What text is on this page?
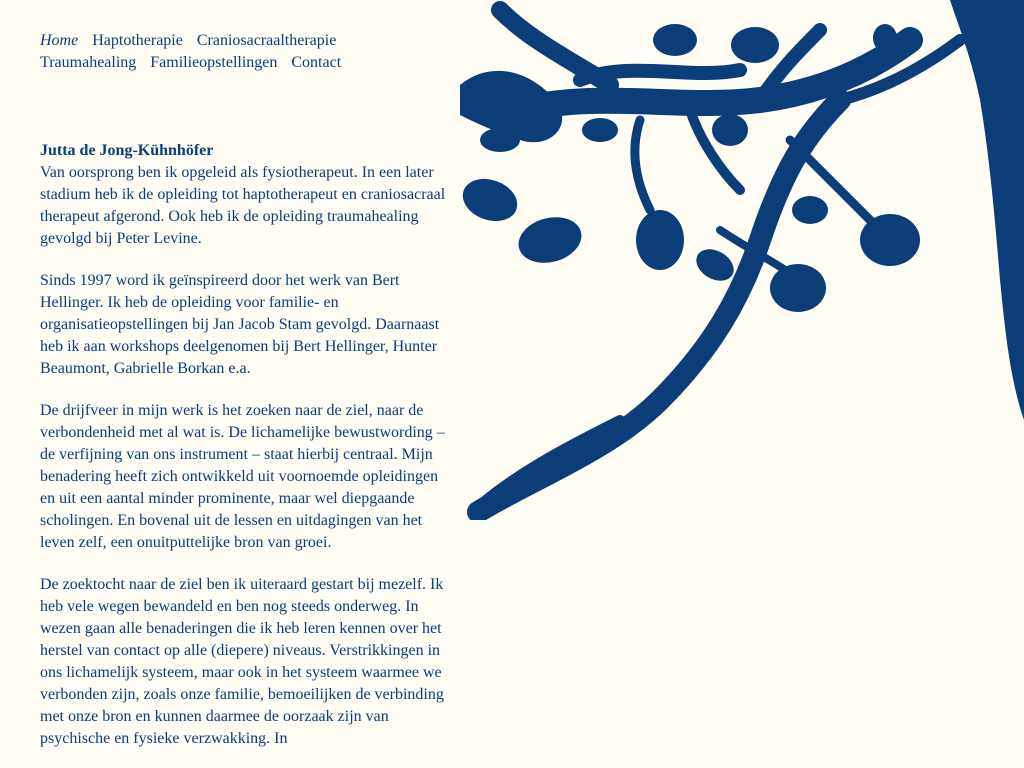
Home Haptotherapie Craniosacraaltherapie Traumahealing Familieopstellingen Contact
Jutta de Jong-Kühnhöfer

Van oorsprong ben ik opgeleid als fysiotherapeut. In een later stadium heb ik de opleiding tot haptotherapeut en craniosacraal therapeut afgerond. Ook heb ik de opleiding traumahealing gevolgd bij Peter Levine.

Sinds 1997 word ik geïnspireerd door het werk van Bert Hellinger. Ik heb de opleiding voor familie- en organisatieopstellingen bij Jan Jacob Stam gevolgd. Daarnaast heb ik aan workshops deelgenomen bij Bert Hellinger, Hunter Beaumont, Gabrielle Borkan e.a.

De drijfveer in mijn werk is het zoeken naar de ziel, naar de verbondenheid met al wat is. De lichamelijke bewustwording – de verfijning van ons instrument – staat hierbij centraal. Mijn benadering heeft zich ontwikkeld uit voornoemde opleidingen en uit een aantal minder prominente, maar wel diepgaande scholingen. En bovenal uit de lessen en uitdagingen van het leven zelf, een onuitputtelijke bron van groei.

De zoektocht naar de ziel ben ik uiteraard gestart bij mezelf. Ik heb vele wegen bewandeld en ben nog steeds onderweg. In wezen gaan alle benaderingen die ik heb leren kennen over het herstel van contact op alle (diepere) niveaus. Verstrikkingen in ons lichamelijk systeem, maar ook in het systeem waarmee we verbonden zijn, zoals onze familie, bemoeilijken de verbinding met onze bron en kunnen daarmee de oorzaak zijn van psychische en fysieke verzwakking. In
